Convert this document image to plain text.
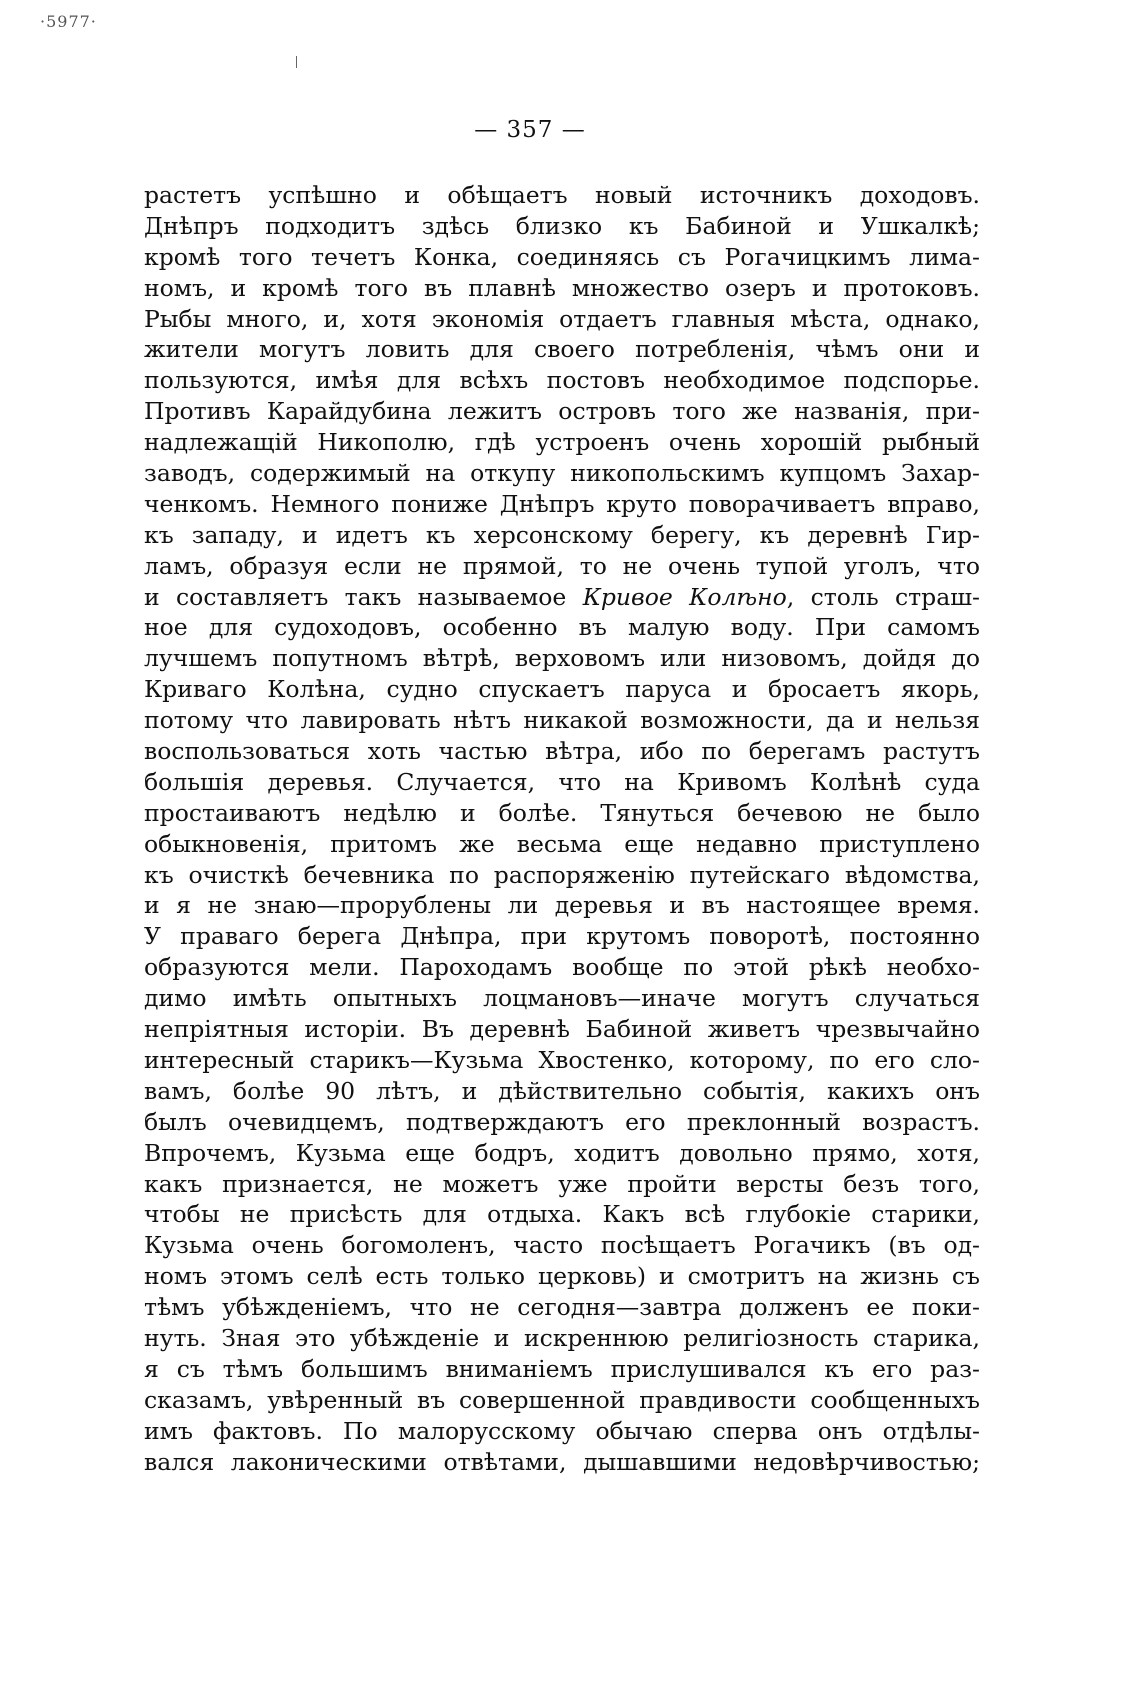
·5977·
— 357 —
растетъ успѣшно и обѣщаетъ новый источникъ доходовъ.
Днѣпръ подходитъ здѣсь близко къ Бабиной и Ушкалкѣ;
кромѣ того течетъ Конка, соединяясь съ Рогачицкимъ лима-
номъ, и кромѣ того въ плавнѣ множество озеръ и протоковъ.
Рыбы много, и, хотя экономія отдаетъ главныя мѣста, однако,
жители могутъ ловить для своего потребленія, чѣмъ они и
пользуются, имѣя для всѣхъ постовъ необходимое подспорье.
Противъ Карайдубина лежитъ островъ того же названія, при-
надлежащій Никополю, гдѣ устроенъ очень хорошій рыбный
заводъ, содержимый на откупу никопольскимъ купцомъ Захар-
ченкомъ. Немного пониже Днѣпръ круто поворачиваетъ вправо,
къ западу, и идетъ къ херсонскому берегу, къ деревнѣ Гир-
ламъ, образуя если не прямой, то не очень тупой уголъ, что
и составляетъ такъ называемое Кривое Колѣно, столь страш-
ное для судоходовъ, особенно въ малую воду. При самомъ
лучшемъ попутномъ вѣтрѣ, верховомъ или низовомъ, дойдя до
Криваго Колѣна, судно спускаетъ паруса и бросаетъ якорь,
потому что лавировать нѣтъ никакой возможности, да и нельзя
воспользоваться хоть частью вѣтра, ибо по берегамъ растутъ
большія деревья. Случается, что на Кривомъ Колѣнѣ суда
простаиваютъ недѣлю и болѣе. Тянуться бечевою не было
обыкновенія, притомъ же весьма еще недавно приступлено
къ очисткѣ бечевника по распоряженію путейскаго вѣдомства,
и я не знаю—прорублены ли деревья и въ настоящее время.
У праваго берега Днѣпра, при крутомъ поворотѣ, постоянно
образуются мели. Пароходамъ вообще по этой рѣкѣ необхо-
димо имѣть опытныхъ лоцмановъ—иначе могутъ случаться
непріятныя исторіи. Въ деревнѣ Бабиной живетъ чрезвычайно
интересный старикъ—Кузьма Хвостенко, которому, по его сло-
вамъ, болѣе 90 лѣтъ, и дѣйствительно событія, какихъ онъ
былъ очевидцемъ, подтверждаютъ его преклонный возрастъ.
Впрочемъ, Кузьма еще бодръ, ходитъ довольно прямо, хотя,
какъ признается, не можетъ уже пройти версты безъ того,
чтобы не присѣсть для отдыха. Какъ всѣ глубокіе старики,
Кузьма очень богомоленъ, часто посѣщаетъ Рогачикъ (въ од-
номъ этомъ селѣ есть только церковь) и смотритъ на жизнь съ
тѣмъ убѣжденіемъ, что не сегодня—завтра долженъ ее поки-
нуть. Зная это убѣжденіе и искреннюю религіозность старика,
я съ тѣмъ большимъ вниманіемъ прислушивался къ его раз-
сказамъ, увѣренный въ совершенной правдивости сообщенныхъ
имъ фактовъ. По малорусскому обычаю сперва онъ отдѣлы-
вался лаконическими отвѣтами, дышавшими недовѣрчивостью;
